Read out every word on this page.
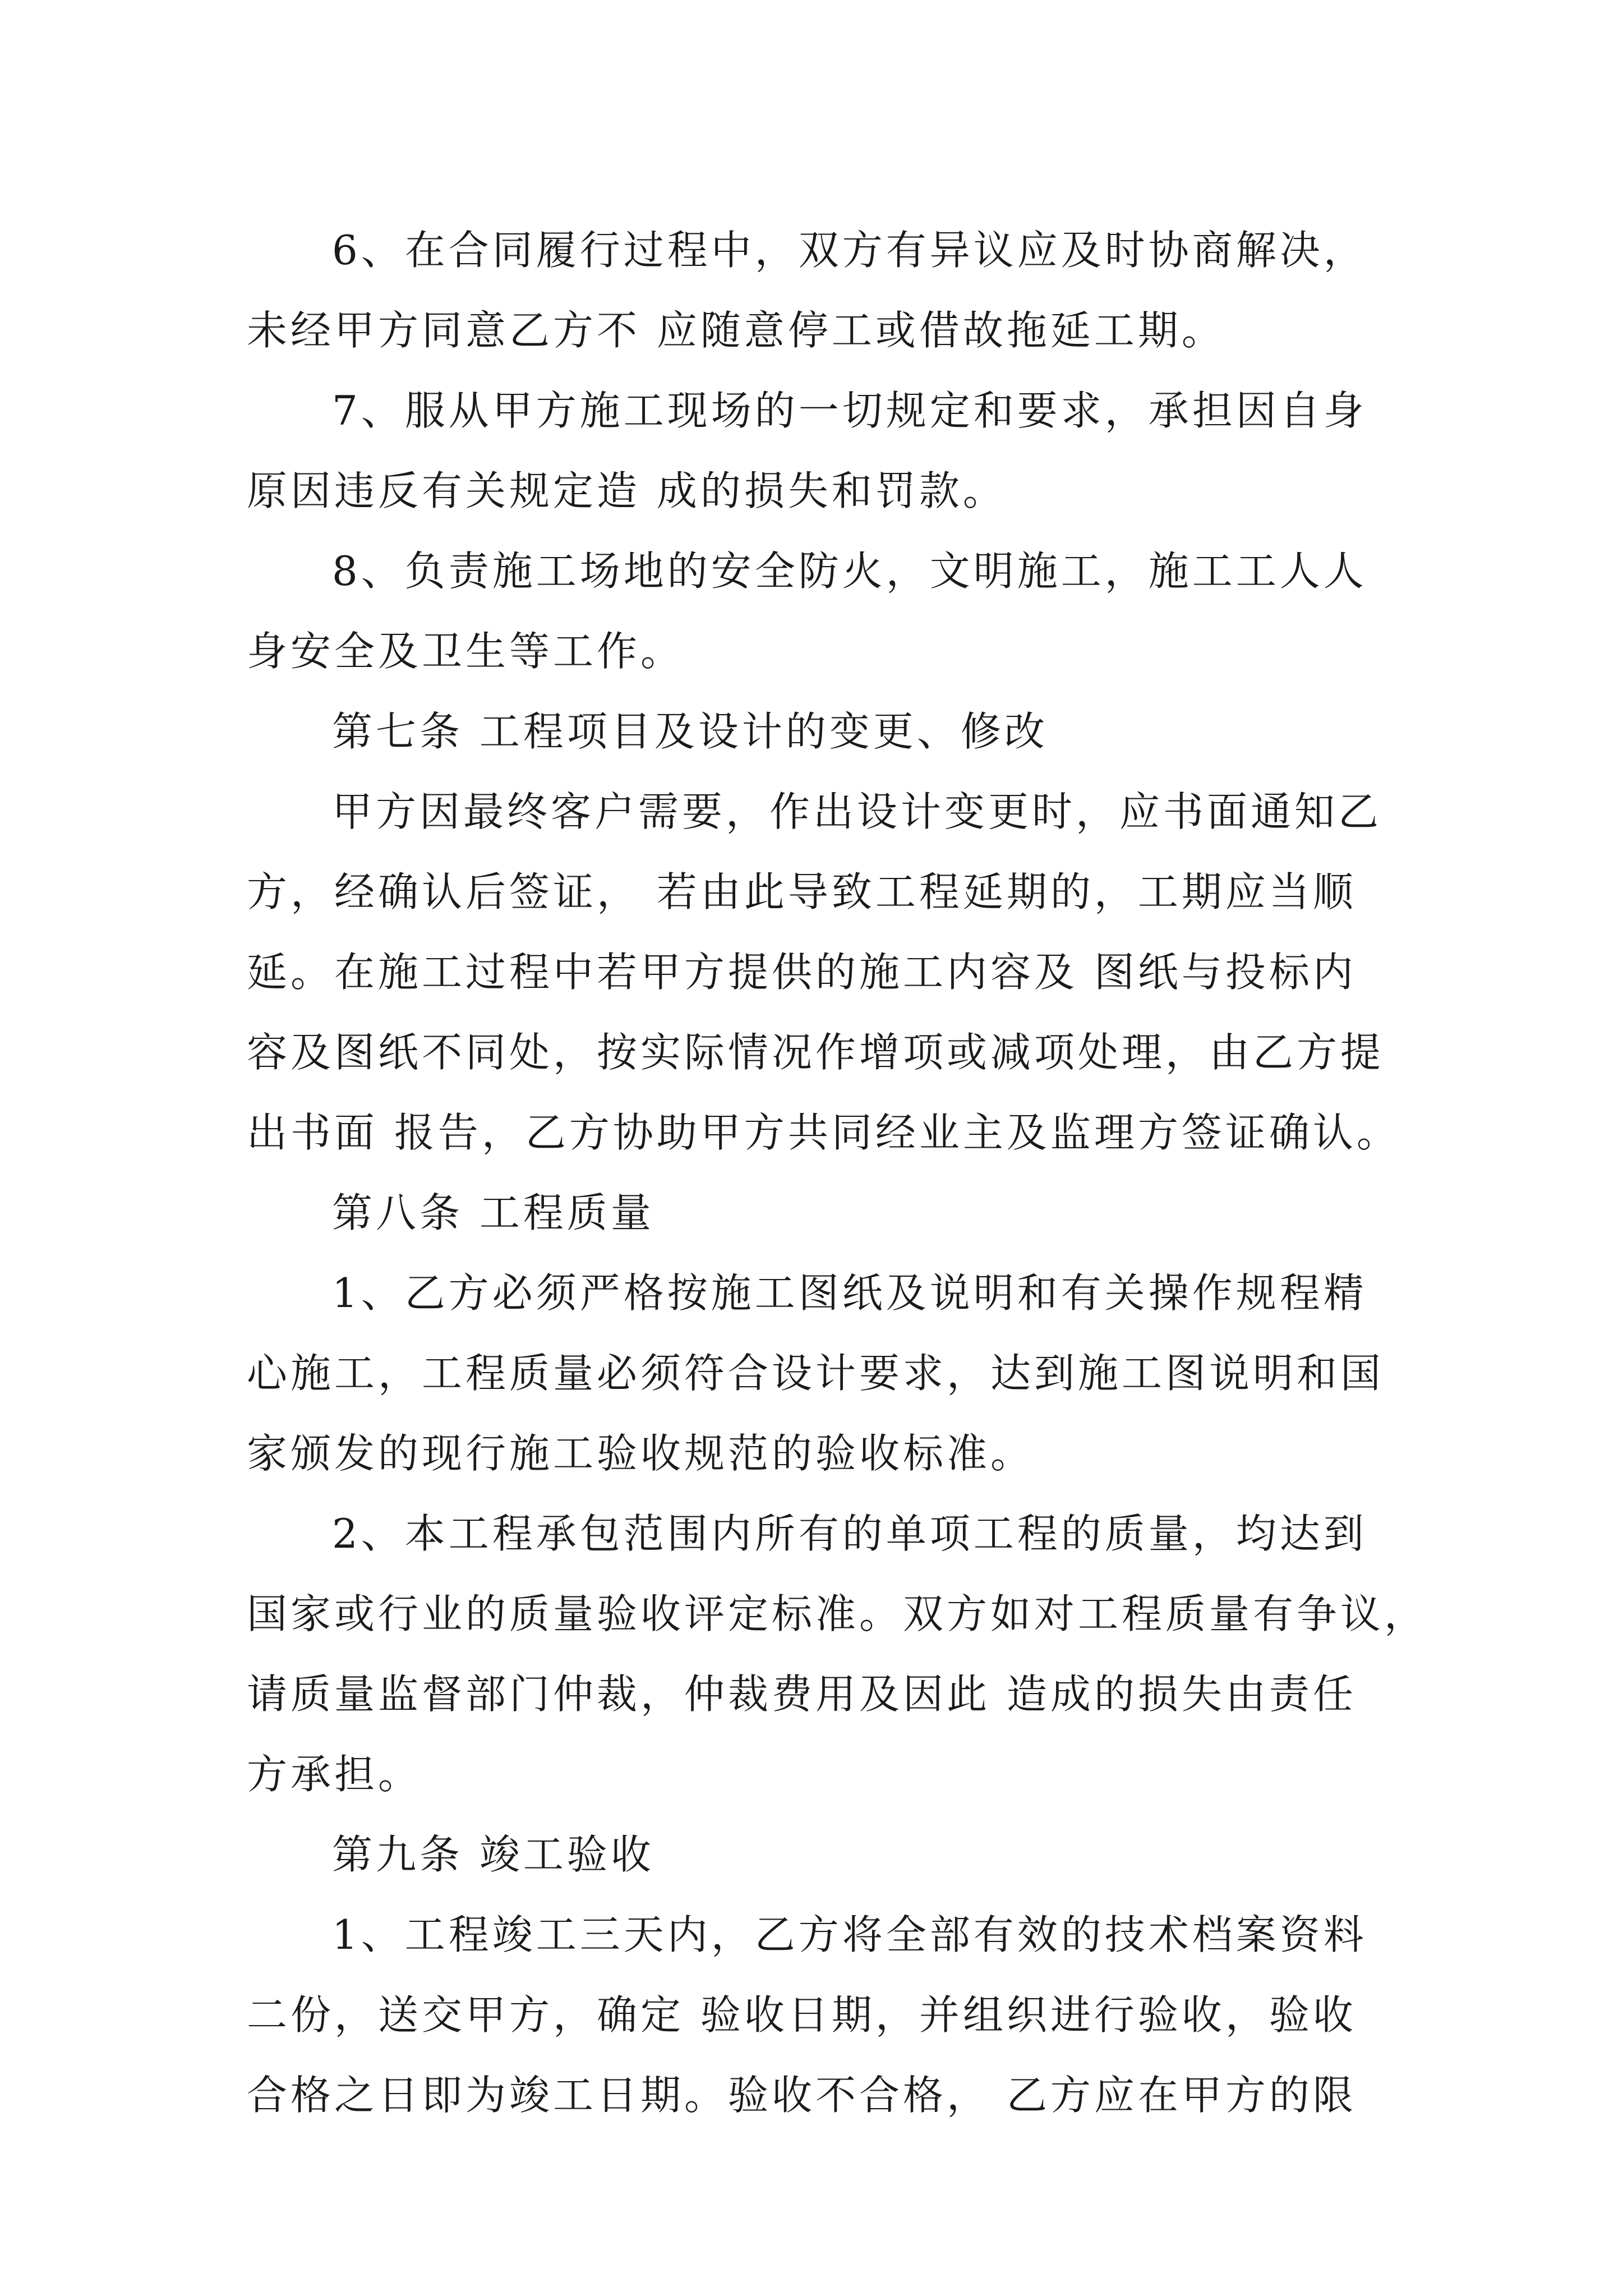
6、在合同履行过程中，双方有异议应及时协商解决，
未经甲方同意乙方不 应随意停工或借故拖延工期。
7、服从甲方施工现场的一切规定和要求，承担因自身
原因违反有关规定造 成的损失和罚款。
8、负责施工场地的安全防火，文明施工，施工工人人
身安全及卫生等工作。
第七条 工程项目及设计的变更、修改
甲方因最终客户需要，作出设计变更时，应书面通知乙
方，经确认后签证， 若由此导致工程延期的，工期应当顺
延。在施工过程中若甲方提供的施工内容及 图纸与投标内
容及图纸不同处，按实际情况作增项或减项处理，由乙方提
出书面 报告，乙方协助甲方共同经业主及监理方签证确认。
第八条 工程质量
1、乙方必须严格按施工图纸及说明和有关操作规程精
心施工，工程质量必须符合设计要求，达到施工图说明和国
家颁发的现行施工验收规范的验收标准。
2、本工程承包范围内所有的单项工程的质量，均达到
国家或行业的质量验收评定标准。双方如对工程质量有争议，
请质量监督部门仲裁，仲裁费用及因此 造成的损失由责任
方承担。
第九条 竣工验收
1、工程竣工三天内，乙方将全部有效的技术档案资料
二份，送交甲方，确定 验收日期，并组织进行验收，验收
合格之日即为竣工日期。验收不合格， 乙方应在甲方的限
